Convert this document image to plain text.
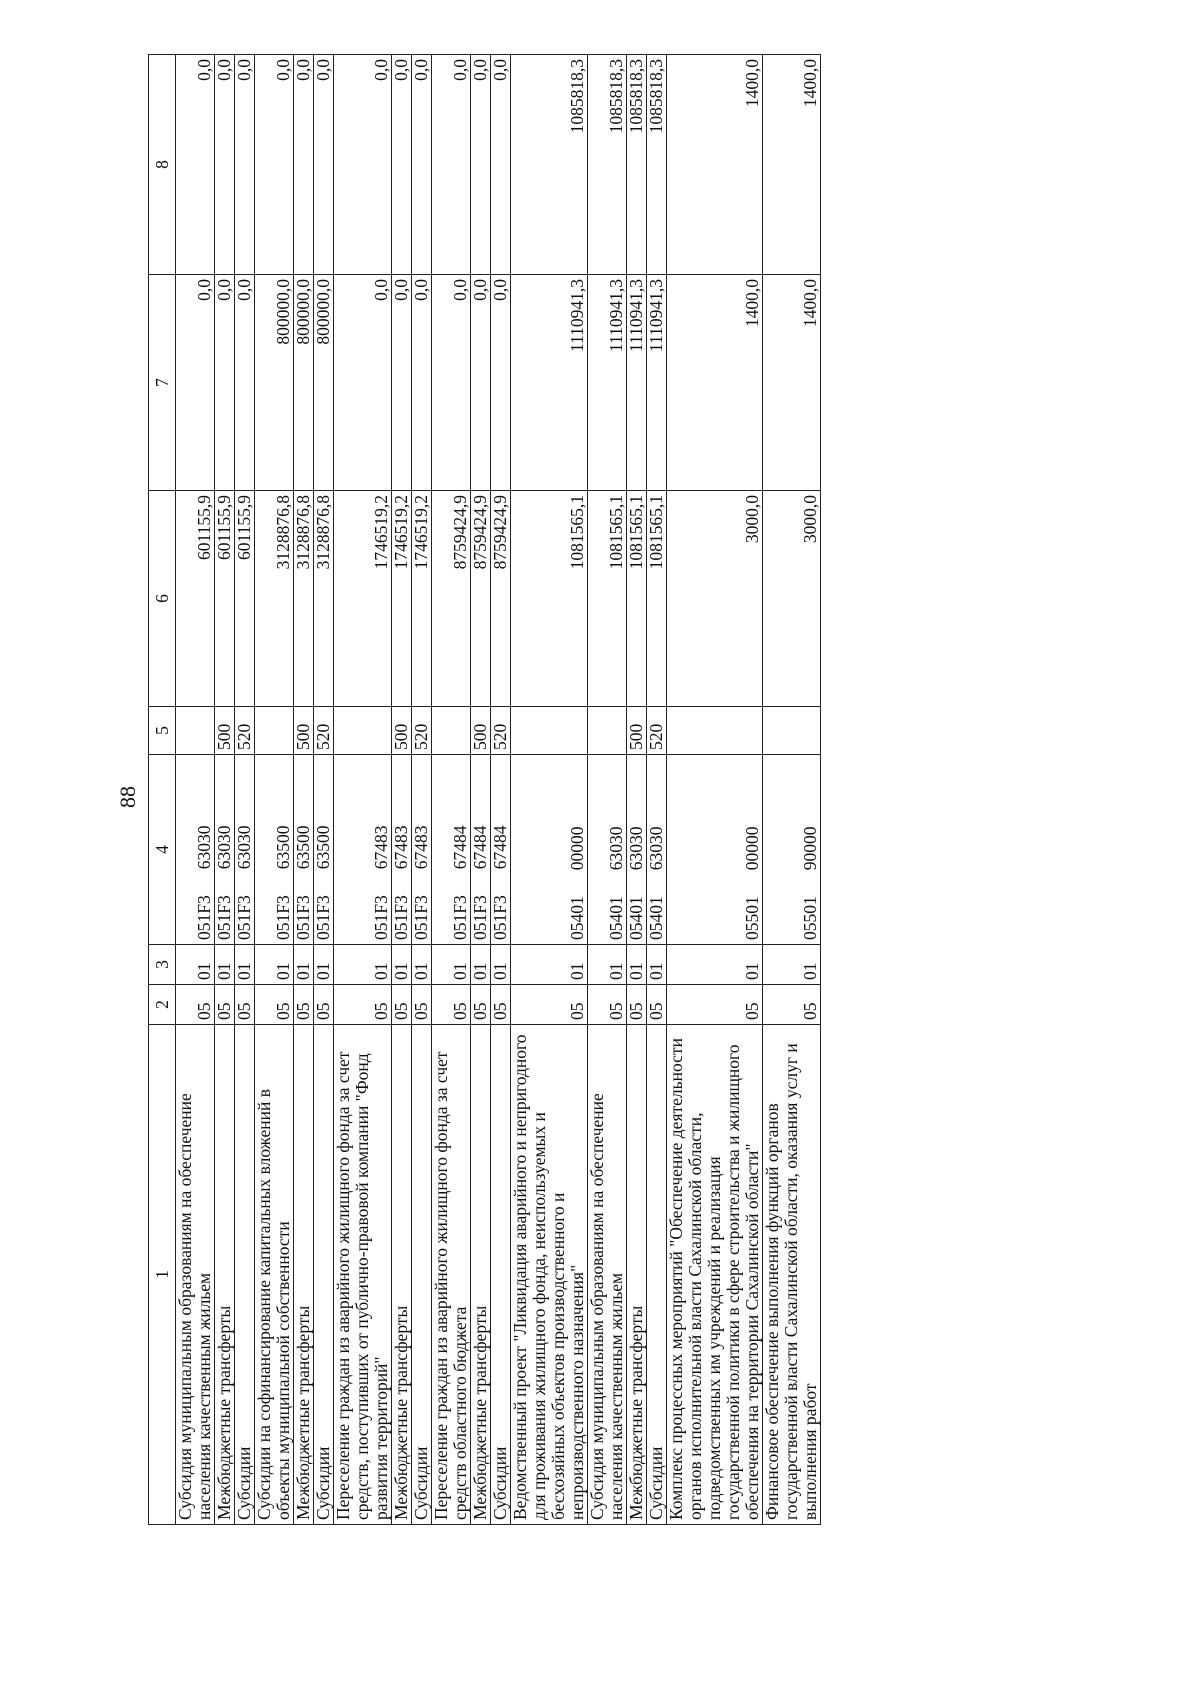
88
1	2	3	4	5	6	7	8
Субсидия муниципальным образованиям на обеспечение населения качественным жильем	05	01	051F363030		601155,9	0,0	0,0
Межбюджетные трансферты	05	01	051F363030	500	601155,9	0,0	0,0
Субсидии	05	01	051F363030	520	601155,9	0,0	0,0
Субсидии на софинансирование капитальных вложений в объекты муниципальной собственности	05	01	051F363500		3128876,8	800000,0	0,0
Межбюджетные трансферты	05	01	051F363500	500	3128876,8	800000,0	0,0
Субсидии	05	01	051F363500	520	3128876,8	800000,0	0,0
Переселение граждан из аварийного жилищного фонда за счет средств, поступивших от публично-правовой компании "Фонд развития территорий"	05	01	051F367483		1746519,2	0,0	0,0
Межбюджетные трансферты	05	01	051F367483	500	1746519,2	0,0	0,0
Субсидии	05	01	051F367483	520	1746519,2	0,0	0,0
Переселение граждан из аварийного жилищного фонда за счет средств областного бюджета	05	01	051F367484		8759424,9	0,0	0,0
Межбюджетные трансферты	05	01	051F367484	500	8759424,9	0,0	0,0
Субсидии	05	01	051F367484	520	8759424,9	0,0	0,0
Ведомственный проект "Ликвидация аварийного и непригодного для проживания жилищного фонда, неиспользуемых и бесхозяйных объектов производственного и непроизводственного назначения"	05	01	0540100000		1081565,1	1110941,3	1085818,3
Субсидия муниципальным образованиям на обеспечение населения качественным жильем	05	01	0540163030		1081565,1	1110941,3	1085818,3
Межбюджетные трансферты	05	01	0540163030	500	1081565,1	1110941,3	1085818,3
Субсидии	05	01	0540163030	520	1081565,1	1110941,3	1085818,3
Комплекс процессных мероприятий "Обеспечение деятельности органов исполнительной власти Сахалинской области, подведомственных им учреждений и реализация государственной политики в сфере строительства и жилищного обеспечения на территории Сахалинской области"	05	01	0550100000		3000,0	1400,0	1400,0
Финансовое обеспечение выполнения функций органов государственной власти Сахалинской области, оказания услуг и выполнения работ	05	01	0550190000		3000,0	1400,0	1400,0
